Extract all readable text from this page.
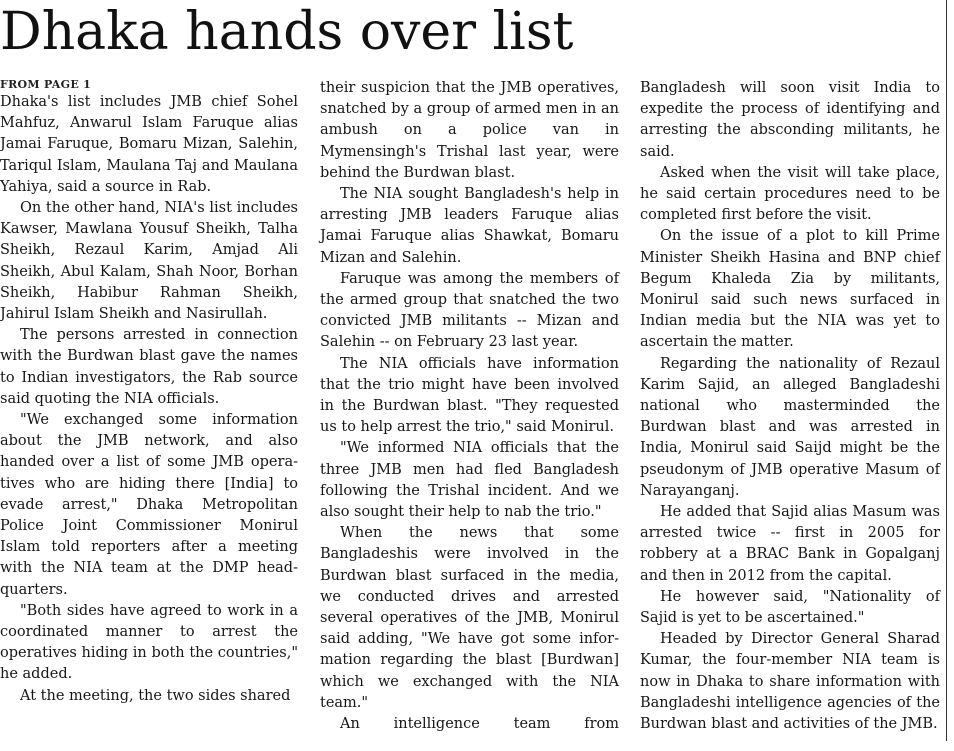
Dhaka hands over list
FROM PAGE 1

Dhaka's list includes JMB chief Sohel Mahfuz, Anwarul Islam Faruque alias Jamai Faruque, Bomaru Mizan, Salehin, Tariqul Islam, Maulana Taj and Maulana Yahiya, said a source in Rab.

On the other hand, NIA's list includes Kawser, Mawlana Yousuf Sheikh, Talha Sheikh, Rezaul Karim, Amjad Ali Sheikh, Abul Kalam, Shah Noor, Borhan Sheikh, Habibur Rahman Sheikh, Jahirul Islam Sheikh and Nasirullah.

The persons arrested in connection with the Burdwan blast gave the names to Indian investigators, the Rab source said quoting the NIA officials.

"We exchanged some information about the JMB network, and also handed over a list of some JMB operatives who are hiding there [India] to evade arrest," Dhaka Metropolitan Police Joint Commissioner Monirul Islam told reporters after a meeting with the NIA team at the DMP headquarters.

"Both sides have agreed to work in a coordinated manner to arrest the operatives hiding in both the countries," he added.

At the meeting, the two sides shared

their suspicion that the JMB operatives, snatched by a group of armed men in an ambush on a police van in Mymensingh's Trishal last year, were behind the Burdwan blast.

The NIA sought Bangladesh's help in arresting JMB leaders Faruque alias Jamai Faruque alias Shawkat, Bomaru Mizan and Salehin.

Faruque was among the members of the armed group that snatched the two convicted JMB militants -- Mizan and Salehin -- on February 23 last year.

The NIA officials have information that the trio might have been involved in the Burdwan blast. "They requested us to help arrest the trio," said Monirul.

"We informed NIA officials that the three JMB men had fled Bangladesh following the Trishal incident. And we also sought their help to nab the trio."

When the news that some Bangladeshis were involved in the Burdwan blast surfaced in the media, we conducted drives and arrested several operatives of the JMB, Monirul said adding, "We have got some information regarding the blast [Burdwan] which we exchanged with the NIA team."

An intelligence team from

Bangladesh will soon visit India to expedite the process of identifying and arresting the absconding militants, he said.

Asked when the visit will take place, he said certain procedures need to be completed first before the visit.

On the issue of a plot to kill Prime Minister Sheikh Hasina and BNP chief Begum Khaleda Zia by militants, Monirul said such news surfaced in Indian media but the NIA was yet to ascertain the matter.

Regarding the nationality of Rezaul Karim Sajid, an alleged Bangladeshi national who masterminded the Burdwan blast and was arrested in India, Monirul said Saijd might be the pseudonym of JMB operative Masum of Narayanganj.

He added that Sajid alias Masum was arrested twice -- first in 2005 for robbery at a BRAC Bank in Gopalganj and then in 2012 from the capital.

He however said, "Nationality of Sajid is yet to be ascertained."

Headed by Director General Sharad Kumar, the four-member NIA team is now in Dhaka to share information with Bangladeshi intelligence agencies of the Burdwan blast and activities of the JMB.
